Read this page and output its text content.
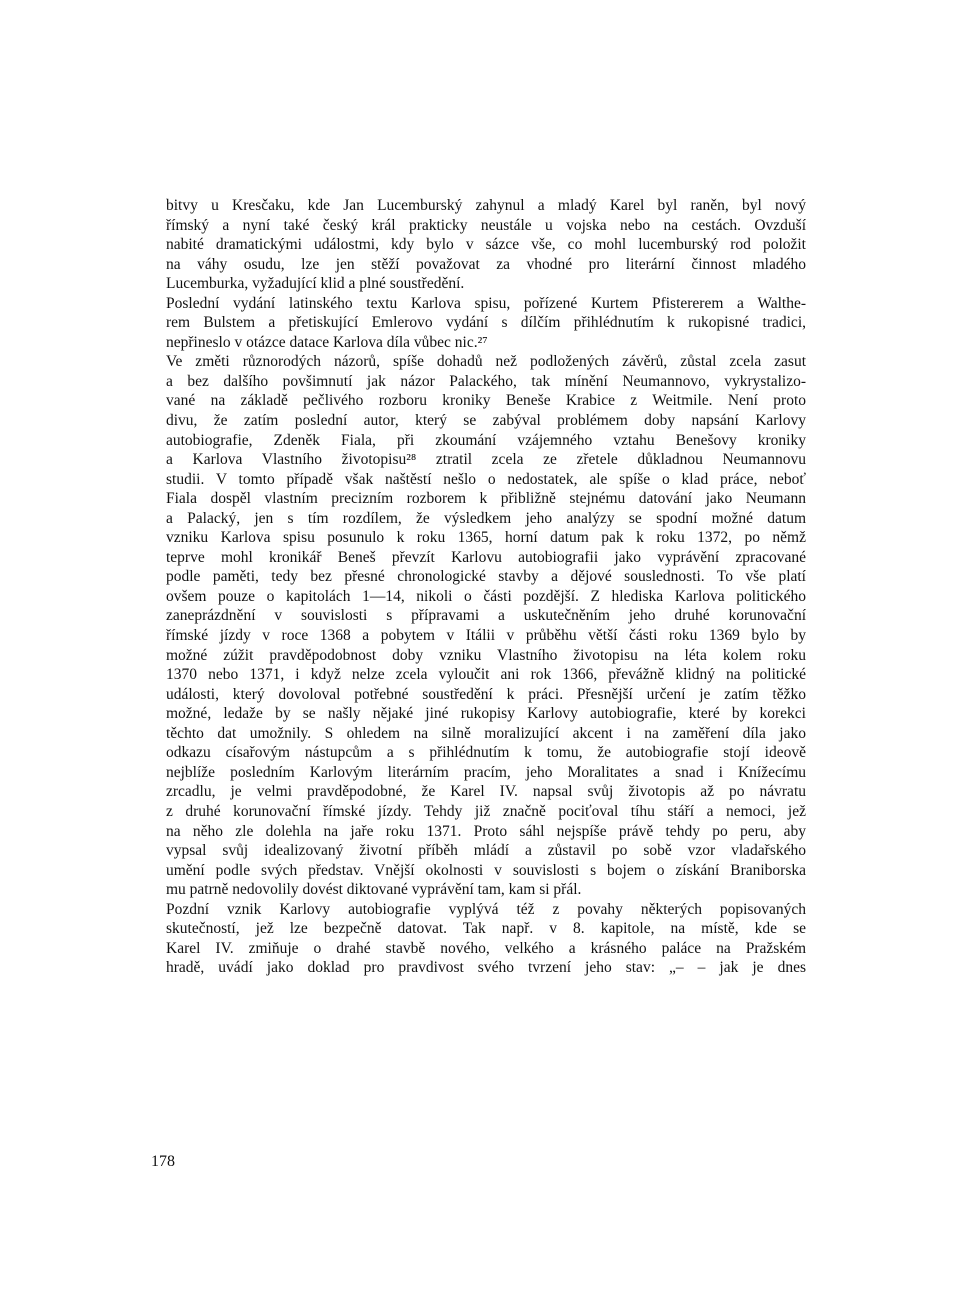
bitvy u Kresčaku, kde Jan Lucemburský zahynul a mladý Karel byl raněn, byl nový
římský a nyní také český král prakticky neustále u vojska nebo na cestách. Ovzduší
nabité dramatickými událostmi, kdy bylo v sázce vše, co mohl lucemburský rod položit
na váhy osudu, lze jen stěží považovat za vhodné pro literární činnost mladého
Lucemburka, vyžadující klid a plné soustředění.
Poslední vydání latinského textu Karlova spisu, pořízené Kurtem Pfistererem a Walthe-
rem Bulstem a přetiskující Emlerovo vydání s dílčím přihlédnutím k rukopisné tradici,
nepřineslo v otázce datace Karlova díla vůbec nic.²⁷
Ve změti různorodých názorů, spíše dohadů než podložených závěrů, zůstal zcela zasut
a bez dalšího povšimnutí jak názor Palackého, tak mínění Neumannovo, vykrystalizo-
vané na základě pečlivého rozboru kroniky Beneše Krabice z Weitmile. Není proto
divu, že zatím poslední autor, který se zabýval problémem doby napsání Karlovy
autobiografie, Zdeněk Fiala, při zkoumání vzájemného vztahu Benešovy kroniky
a Karlova Vlastního životopisu²⁸ ztratil zcela ze zřetele důkladnou Neumannovu
studii. V tomto případě však naštěstí nešlo o nedostatek, ale spíše o klad práce, neboť
Fiala dospěl vlastním precizním rozborem k přibližně stejnému datování jako Neumann
a Palacký, jen s tím rozdílem, že výsledkem jeho analýzy se spodní možné datum
vzniku Karlova spisu posunulo k roku 1365, horní datum pak k roku 1372, po němž
teprve mohl kronikář Beneš převzít Karlovu autobiografii jako vyprávění zpracované
podle paměti, tedy bez přesné chronologické stavby a dějové souslednosti. To vše platí
ovšem pouze o kapitolách 1—14, nikoli o části pozdější. Z hlediska Karlova politického
zaneprázdnění v souvislosti s přípravami a uskutečněním jeho druhé korunovační
římské jízdy v roce 1368 a pobytem v Itálii v průběhu větší části roku 1369 bylo by
možné zúžit pravděpodobnost doby vzniku Vlastního životopisu na léta kolem roku
1370 nebo 1371, i když nelze zcela vyloučit ani rok 1366, převážně klidný na politické
události, který dovoloval potřebné soustředění k práci. Přesnější určení je zatím těžko
možné, ledaže by se našly nějaké jiné rukopisy Karlovy autobiografie, které by korekci
těchto dat umožnily. S ohledem na silně moralizující akcent i na zaměření díla jako
odkazu císařovým nástupcům a s přihlédnutím k tomu, že autobiografie stojí ideově
nejblíže posledním Karlovým literárním pracím, jeho Moralitates a snad i Knížecímu
zrcadlu, je velmi pravděpodobné, že Karel IV. napsal svůj životopis až po návratu
z druhé korunovační římské jízdy. Tehdy již značně pociťoval tíhu stáří a nemoci, jež
na něho zle dolehla na jaře roku 1371. Proto sáhl nejspíše právě tehdy po peru, aby
vypsal svůj idealizovaný životní příběh mládí a zůstavil po sobě vzor vladařského
umění podle svých představ. Vnější okolnosti v souvislosti s bojem o získání Braniborska
mu patrně nedovolily dovést diktované vyprávění tam, kam si přál.
Pozdní vznik Karlovy autobiografie vyplývá též z povahy některých popisovaných
skutečností, jež lze bezpečně datovat. Tak např. v 8. kapitole, na místě, kde se
Karel IV. zmiňuje o drahé stavbě nového, velkého a krásného paláce na Pražském
hradě, uvádí jako doklad pro pravdivost svého tvrzení jeho stav: „– – jak je dnes
178
